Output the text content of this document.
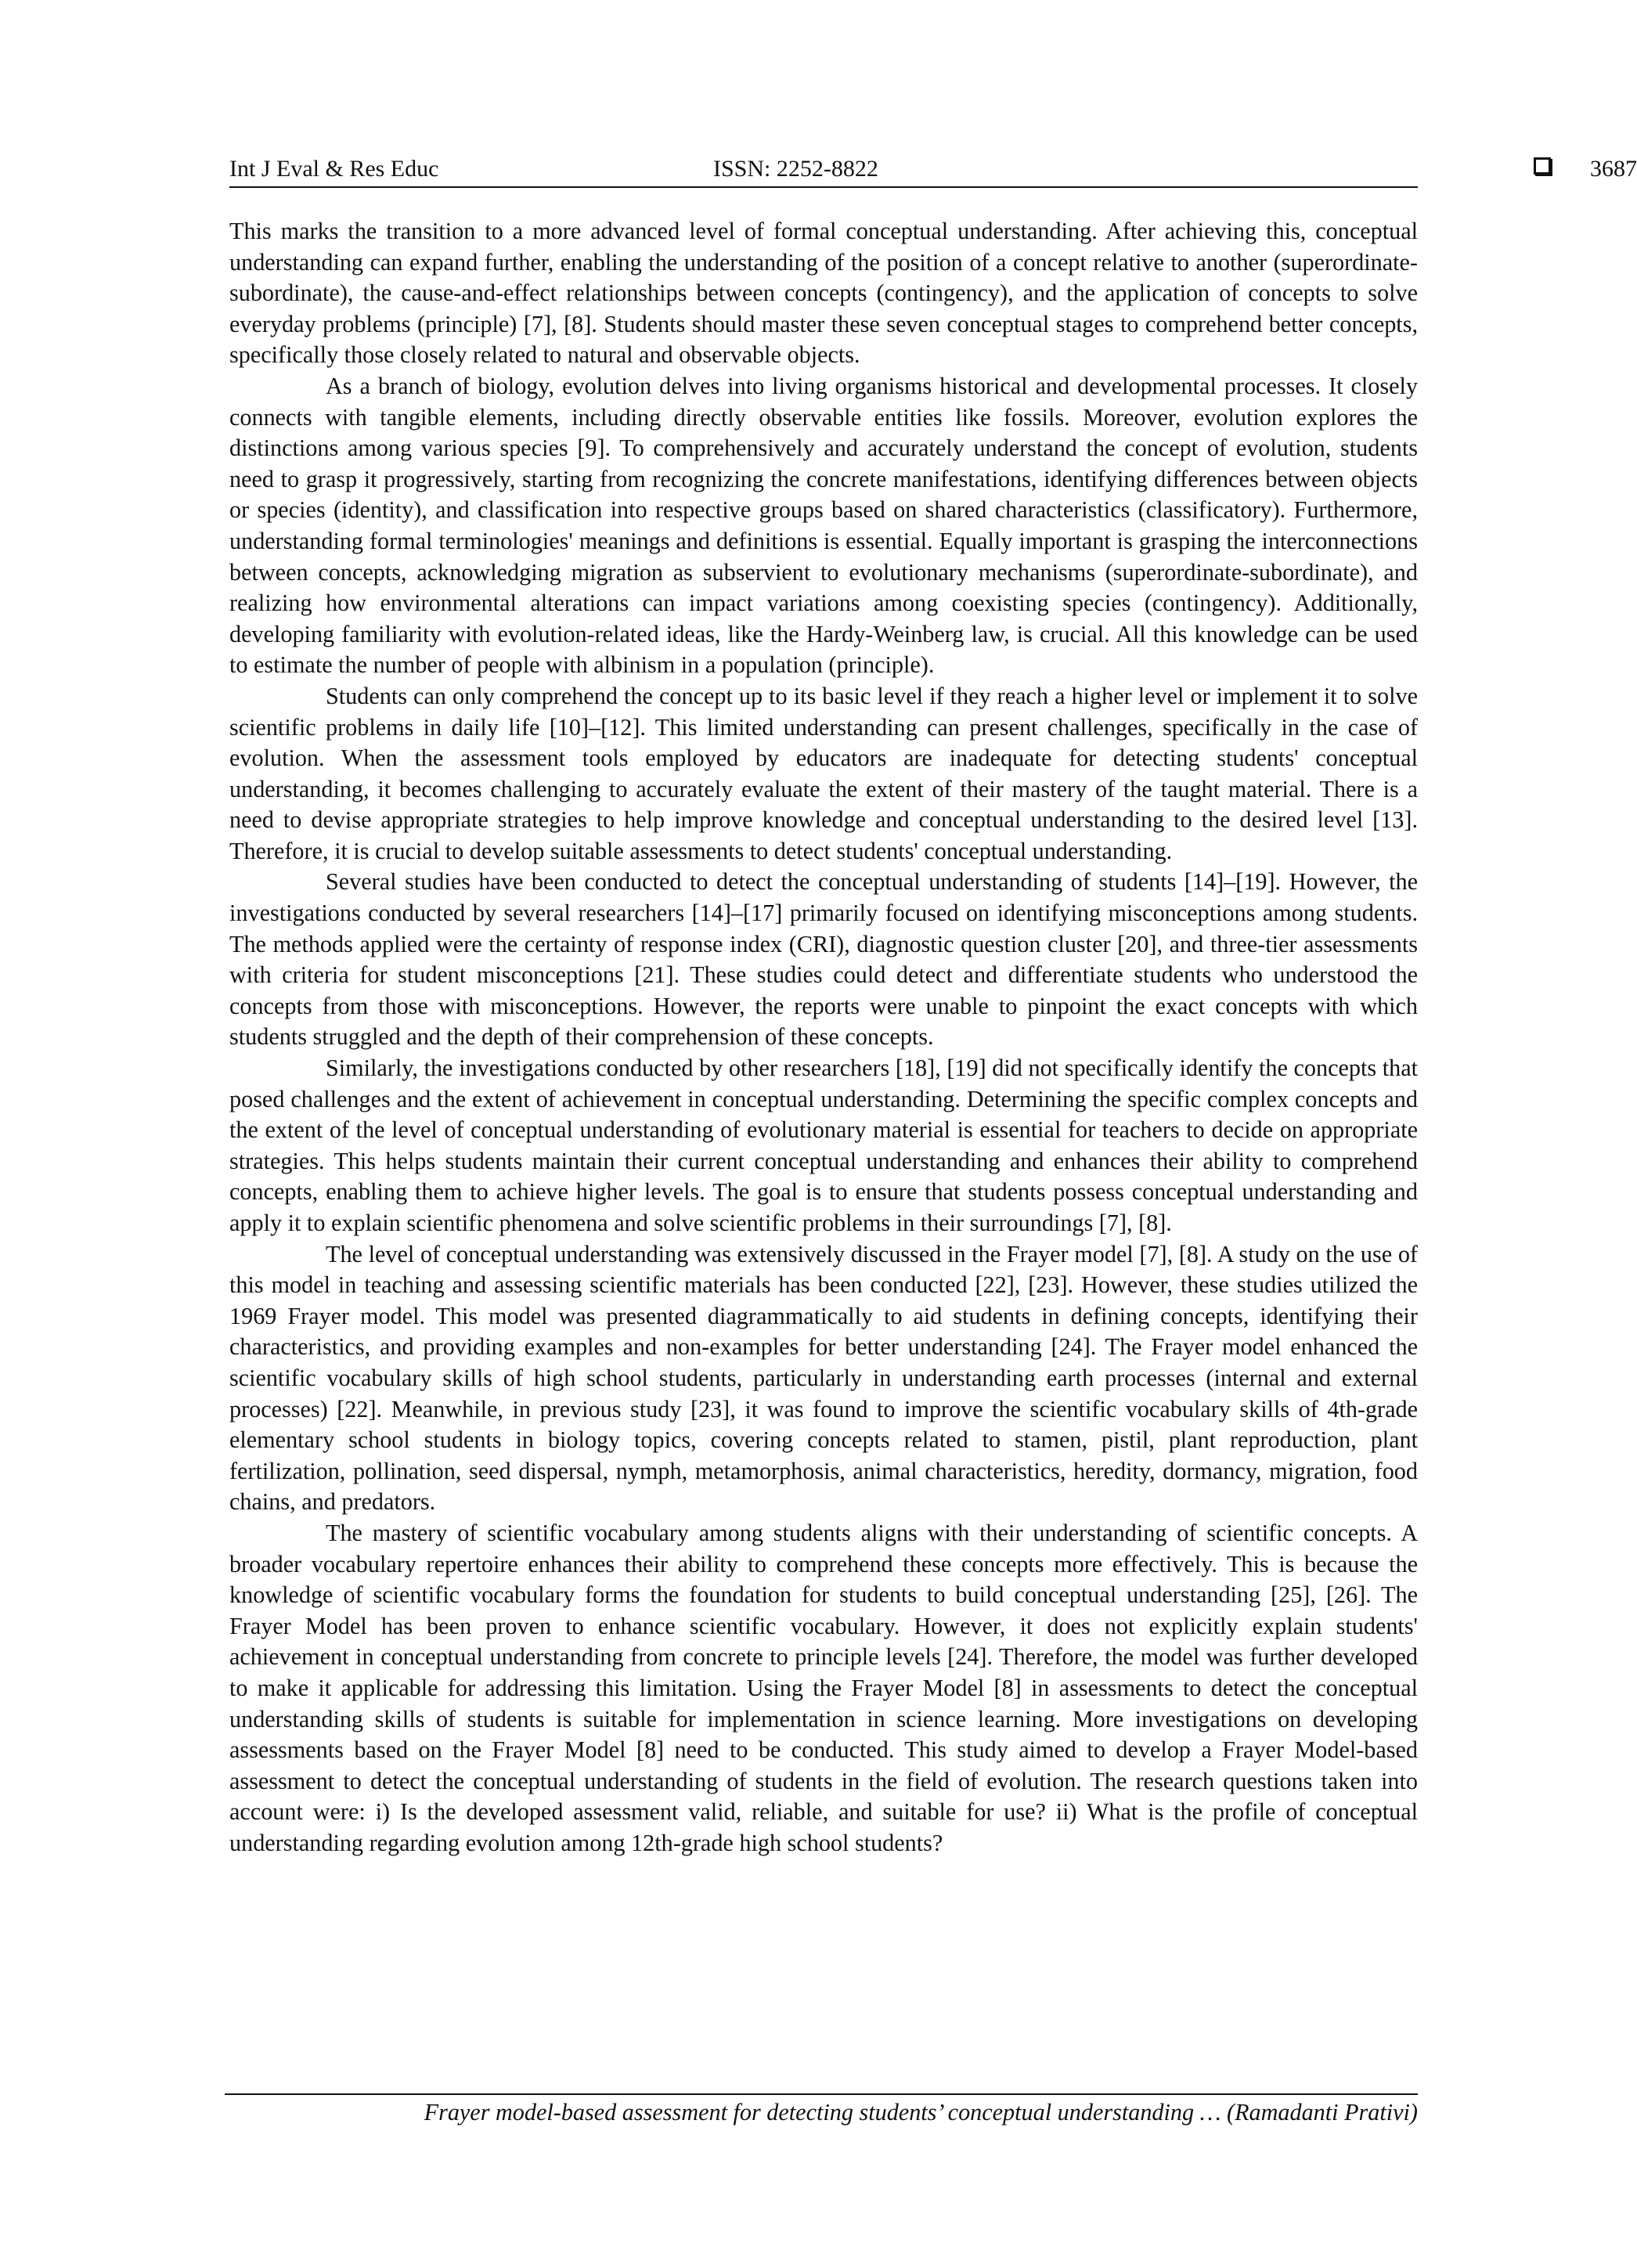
Int J Eval & Res Educ	ISSN: 2252-8822	3687

This marks the transition to a more advanced level of formal conceptual understanding. After achieving this, conceptual understanding can expand further, enabling the understanding of the position of a concept relative to another (superordinate-subordinate), the cause-and-effect relationships between concepts (contingency), and the application of concepts to solve everyday problems (principle) [7], [8]. Students should master these seven conceptual stages to comprehend better concepts, specifically those closely related to natural and observable objects.

As a branch of biology, evolution delves into living organisms historical and developmental processes. It closely connects with tangible elements, including directly observable entities like fossils. Moreover, evolution explores the distinctions among various species [9]. To comprehensively and accurately understand the concept of evolution, students need to grasp it progressively, starting from recognizing the concrete manifestations, identifying differences between objects or species (identity), and classification into respective groups based on shared characteristics (classificatory). Furthermore, understanding formal terminologies' meanings and definitions is essential. Equally important is grasping the interconnections between concepts, acknowledging migration as subservient to evolutionary mechanisms (superordinate-subordinate), and realizing how environmental alterations can impact variations among coexisting species (contingency). Additionally, developing familiarity with evolution-related ideas, like the Hardy-Weinberg law, is crucial. All this knowledge can be used to estimate the number of people with albinism in a population (principle).

Students can only comprehend the concept up to its basic level if they reach a higher level or implement it to solve scientific problems in daily life [10]–[12]. This limited understanding can present challenges, specifically in the case of evolution. When the assessment tools employed by educators are inadequate for detecting students' conceptual understanding, it becomes challenging to accurately evaluate the extent of their mastery of the taught material. There is a need to devise appropriate strategies to help improve knowledge and conceptual understanding to the desired level [13]. Therefore, it is crucial to develop suitable assessments to detect students' conceptual understanding.

Several studies have been conducted to detect the conceptual understanding of students [14]–[19]. However, the investigations conducted by several researchers [14]–[17] primarily focused on identifying misconceptions among students. The methods applied were the certainty of response index (CRI), diagnostic question cluster [20], and three-tier assessments with criteria for student misconceptions [21]. These studies could detect and differentiate students who understood the concepts from those with misconceptions. However, the reports were unable to pinpoint the exact concepts with which students struggled and the depth of their comprehension of these concepts.

Similarly, the investigations conducted by other researchers [18], [19] did not specifically identify the concepts that posed challenges and the extent of achievement in conceptual understanding. Determining the specific complex concepts and the extent of the level of conceptual understanding of evolutionary material is essential for teachers to decide on appropriate strategies. This helps students maintain their current conceptual understanding and enhances their ability to comprehend concepts, enabling them to achieve higher levels. The goal is to ensure that students possess conceptual understanding and apply it to explain scientific phenomena and solve scientific problems in their surroundings [7], [8].

The level of conceptual understanding was extensively discussed in the Frayer model [7], [8]. A study on the use of this model in teaching and assessing scientific materials has been conducted [22], [23]. However, these studies utilized the 1969 Frayer model. This model was presented diagrammatically to aid students in defining concepts, identifying their characteristics, and providing examples and non-examples for better understanding [24]. The Frayer model enhanced the scientific vocabulary skills of high school students, particularly in understanding earth processes (internal and external processes) [22]. Meanwhile, in previous study [23], it was found to improve the scientific vocabulary skills of 4th-grade elementary school students in biology topics, covering concepts related to stamen, pistil, plant reproduction, plant fertilization, pollination, seed dispersal, nymph, metamorphosis, animal characteristics, heredity, dormancy, migration, food chains, and predators.

The mastery of scientific vocabulary among students aligns with their understanding of scientific concepts. A broader vocabulary repertoire enhances their ability to comprehend these concepts more effectively. This is because the knowledge of scientific vocabulary forms the foundation for students to build conceptual understanding [25], [26]. The Frayer Model has been proven to enhance scientific vocabulary. However, it does not explicitly explain students' achievement in conceptual understanding from concrete to principle levels [24]. Therefore, the model was further developed to make it applicable for addressing this limitation. Using the Frayer Model [8] in assessments to detect the conceptual understanding skills of students is suitable for implementation in science learning. More investigations on developing assessments based on the Frayer Model [8] need to be conducted. This study aimed to develop a Frayer Model-based assessment to detect the conceptual understanding of students in the field of evolution. The research questions taken into account were: i) Is the developed assessment valid, reliable, and suitable for use? ii) What is the profile of conceptual understanding regarding evolution among 12th-grade high school students?

Frayer model-based assessment for detecting students’ conceptual understanding … (Ramadanti Prativi)
